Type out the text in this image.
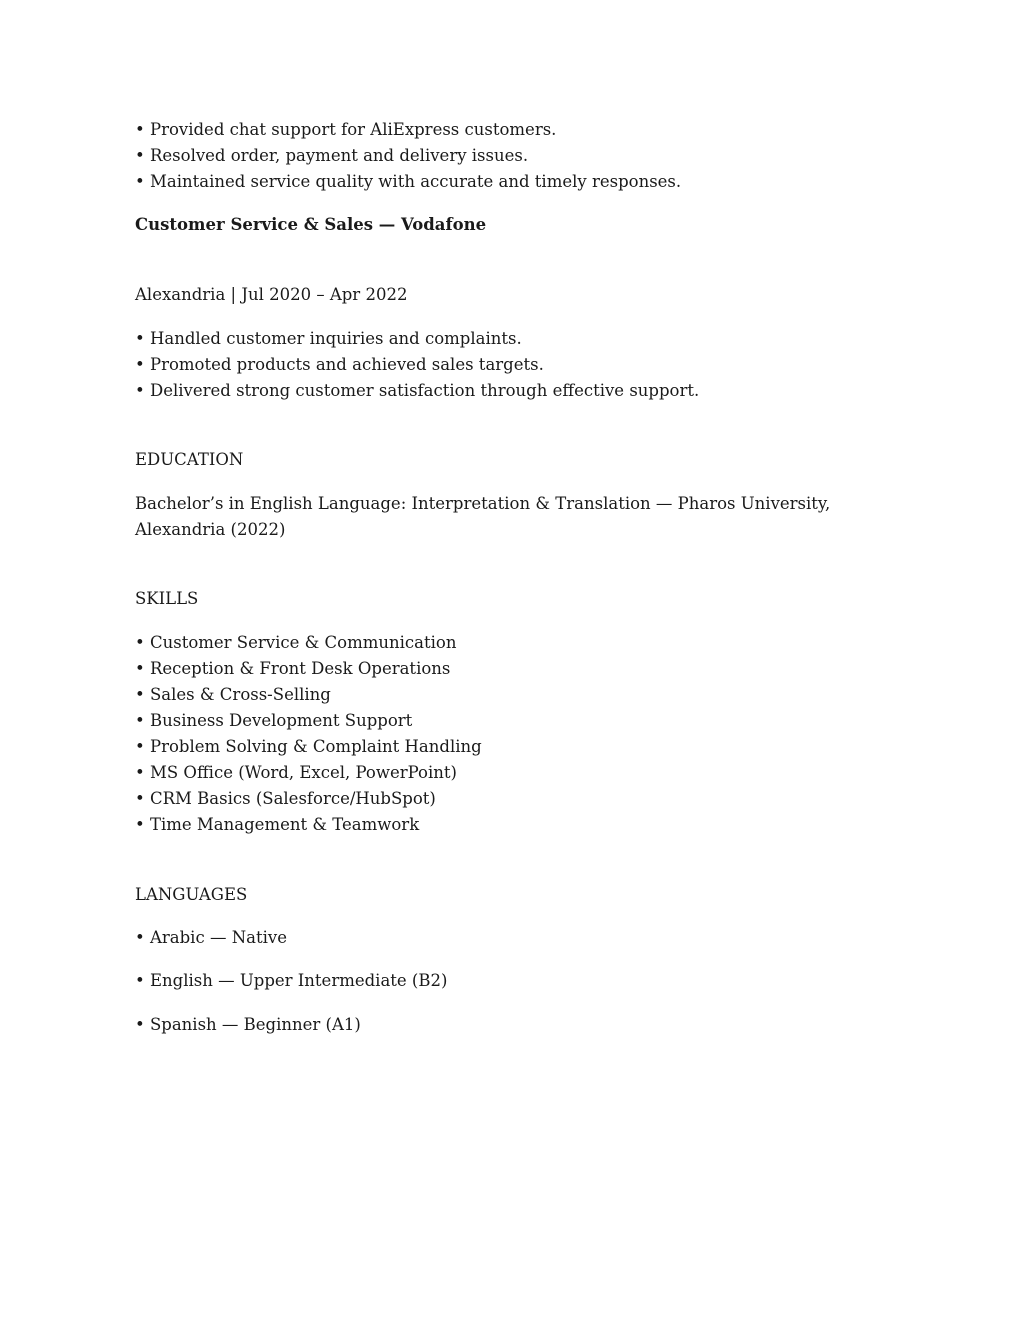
• Provided chat support for AliExpress customers.
• Resolved order, payment and delivery issues.
• Maintained service quality with accurate and timely responses.
Customer Service & Sales — Vodafone
Alexandria | Jul 2020 – Apr 2022
• Handled customer inquiries and complaints.
• Promoted products and achieved sales targets.
• Delivered strong customer satisfaction through effective support.
EDUCATION
Bachelor’s in English Language: Interpretation & Translation — Pharos University,
Alexandria (2022)
SKILLS
• Customer Service & Communication
• Reception & Front Desk Operations
• Sales & Cross-Selling
• Business Development Support
• Problem Solving & Complaint Handling
• MS Office (Word, Excel, PowerPoint)
• CRM Basics (Salesforce/HubSpot)
• Time Management & Teamwork
LANGUAGES
• Arabic — Native
• English — Upper Intermediate (B2)
• Spanish — Beginner (A1)
